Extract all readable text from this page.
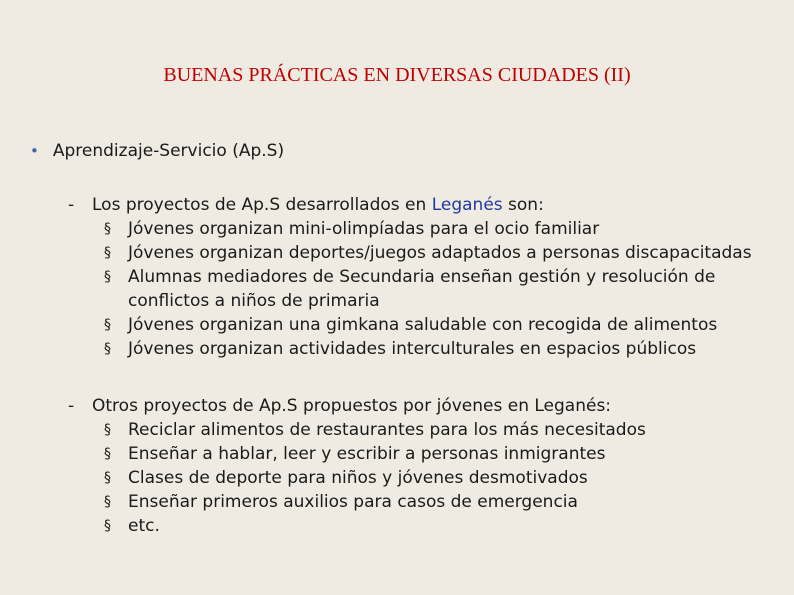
BUENAS PRÁCTICAS EN DIVERSAS CIUDADES (II)
• Aprendizaje-Servicio (Ap.S)
-	Los proyectos de Ap.S desarrollados en Leganés son:
§	Jóvenes organizan mini-olimpíadas para el ocio familiar
§	Jóvenes organizan deportes/juegos adaptados a personas discapacitadas
§	Alumnas mediadores de Secundaria enseñan gestión y resolución de conflictos a niños de primaria
§	Jóvenes organizan una gimkana saludable con recogida de alimentos
§	Jóvenes organizan actividades interculturales en espacios públicos
-	Otros proyectos de Ap.S propuestos por jóvenes en Leganés:
§	Reciclar alimentos de restaurantes para los más necesitados
§	Enseñar a hablar, leer y escribir a personas inmigrantes
§	Clases de deporte para niños y jóvenes desmotivados
§	Enseñar primeros auxilios para casos de emergencia
§	etc.
